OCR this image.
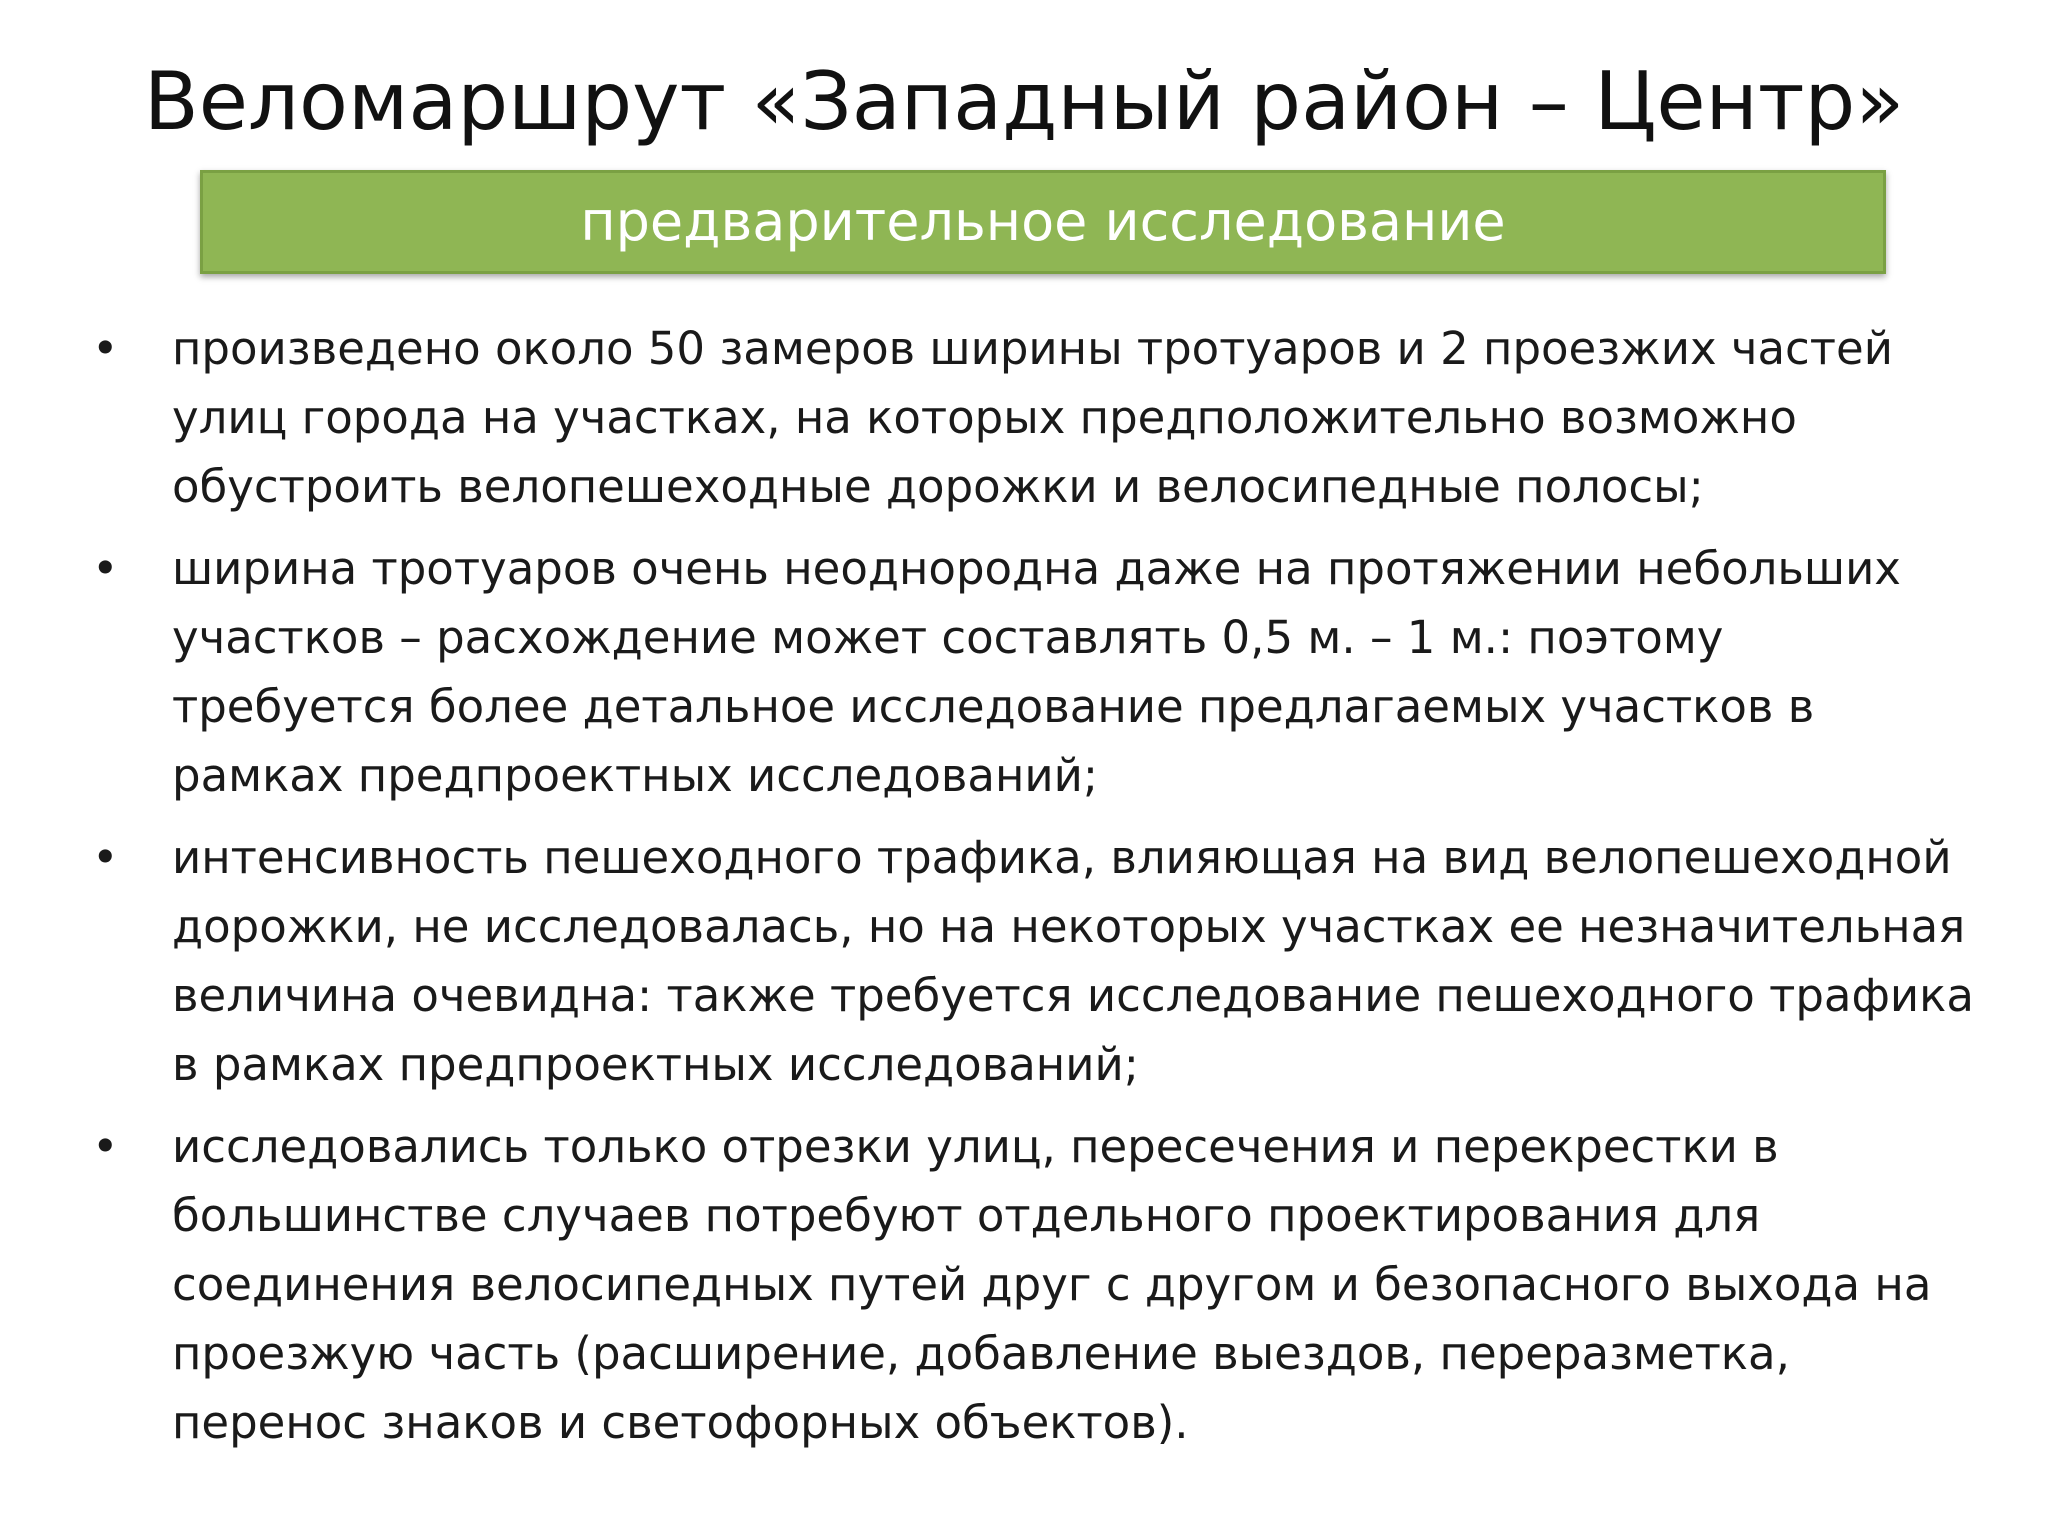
Веломаршрут «Западный район – Центр»
предварительное исследование
• произведено около 50 замеров ширины тротуаров и 2 проезжих частей
улиц города на участках, на которых предположительно возможно
обустроить велопешеходные дорожки и велосипедные полосы;
• ширина тротуаров очень неоднородна даже на протяжении небольших
участков – расхождение может составлять 0,5 м. – 1 м.: поэтому
требуется более детальное исследование предлагаемых участков в
рамках предпроектных исследований;
• интенсивность пешеходного трафика, влияющая на вид велопешеходной
дорожки, не исследовалась, но на некоторых участках ее незначительная
величина очевидна: также требуется исследование пешеходного трафика
в рамках предпроектных исследований;
• исследовались только отрезки улиц, пересечения и перекрестки в
большинстве случаев потребуют отдельного проектирования для
соединения велосипедных путей друг с другом и безопасного выхода на
проезжую часть (расширение, добавление выездов, переразметка,
перенос знаков и светофорных объектов).
